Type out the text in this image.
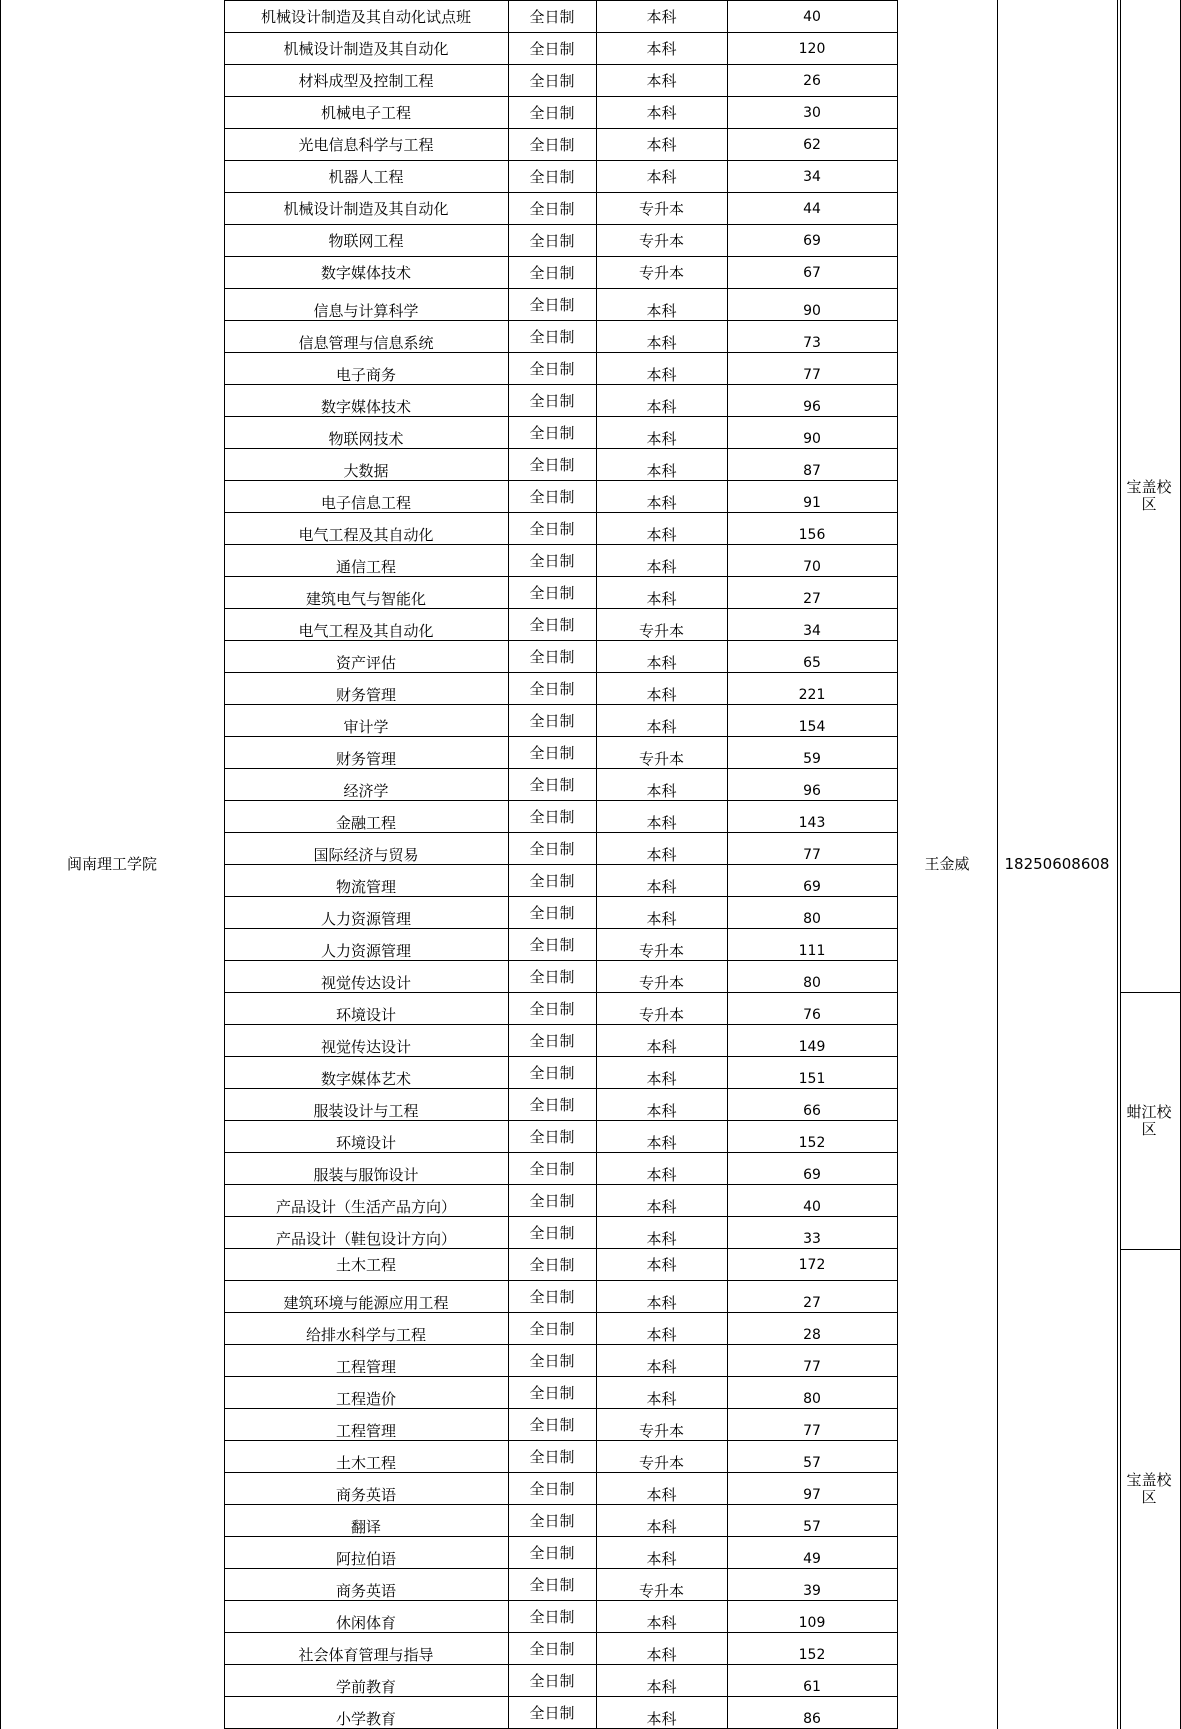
闽南理工学院	王金威	18250608608
宝盖校区
蚶江校区
宝盖校区
机械设计制造及其自动化试点班	全日制	本科	40
机械设计制造及其自动化	全日制	本科	120
材料成型及控制工程	全日制	本科	26
机械电子工程	全日制	本科	30
光电信息科学与工程	全日制	本科	62
机器人工程	全日制	本科	34
机械设计制造及其自动化	全日制	专升本	44
物联网工程	全日制	专升本	69
数字媒体技术	全日制	专升本	67
信息与计算科学	全日制	本科	90
信息管理与信息系统	全日制	本科	73
电子商务	全日制	本科	77
数字媒体技术	全日制	本科	96
物联网技术	全日制	本科	90
大数据	全日制	本科	87
电子信息工程	全日制	本科	91
电气工程及其自动化	全日制	本科	156
通信工程	全日制	本科	70
建筑电气与智能化	全日制	本科	27
电气工程及其自动化	全日制	专升本	34
资产评估	全日制	本科	65
财务管理	全日制	本科	221
审计学	全日制	本科	154
财务管理	全日制	专升本	59
经济学	全日制	本科	96
金融工程	全日制	本科	143
国际经济与贸易	全日制	本科	77
物流管理	全日制	本科	69
人力资源管理	全日制	本科	80
人力资源管理	全日制	专升本	111
视觉传达设计	全日制	专升本	80
环境设计	全日制	专升本	76
视觉传达设计	全日制	本科	149
数字媒体艺术	全日制	本科	151
服装设计与工程	全日制	本科	66
环境设计	全日制	本科	152
服装与服饰设计	全日制	本科	69
产品设计（生活产品方向）	全日制	本科	40
产品设计（鞋包设计方向）	全日制	本科	33
土木工程	全日制	本科	172
建筑环境与能源应用工程	全日制	本科	27
给排水科学与工程	全日制	本科	28
工程管理	全日制	本科	77
工程造价	全日制	本科	80
工程管理	全日制	专升本	77
土木工程	全日制	专升本	57
商务英语	全日制	本科	97
翻译	全日制	本科	57
阿拉伯语	全日制	本科	49
商务英语	全日制	专升本	39
休闲体育	全日制	本科	109
社会体育管理与指导	全日制	本科	152
学前教育	全日制	本科	61
小学教育	全日制	本科	86
